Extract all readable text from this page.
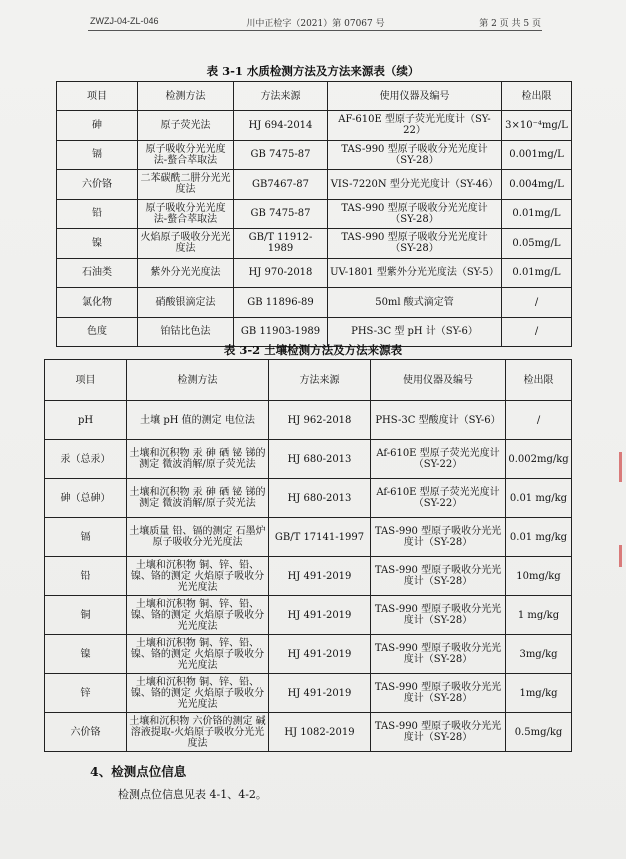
ZWZJ-04-ZL-046	川中正检字（2021）第 07067 号	第 2 页 共 5 页
表 3-1 水质检测方法及方法来源表（续）
项目	检测方法	方法来源	使用仪器及编号	检出限
砷	原子荧光法	HJ 694-2014	AF-610E 型原子荧光光度计（SY-22）	3×10⁻⁴mg/L
镉	原子吸收分光光度法-螯合萃取法	GB 7475-87	TAS-990 型原子吸收分光光度计（SY-28）	0.001mg/L
六价铬	二苯碳酰二肼分光光度法	GB7467-87	VIS-7220N 型分光光度计（SY-46）	0.004mg/L
铅	原子吸收分光光度法-螯合萃取法	GB 7475-87	TAS-990 型原子吸收分光光度计（SY-28）	0.01mg/L
镍	火焰原子吸收分光光度法	GB/T 11912-1989	TAS-990 型原子吸收分光光度计（SY-28）	0.05mg/L
石油类	紫外分光光度法	HJ 970-2018	UV-1801 型紫外分光光度法（SY-5）	0.01mg/L
氯化物	硝酸银滴定法	GB 11896-89	50ml 酸式滴定管	/
色度	铂钴比色法	GB 11903-1989	PHS-3C 型 pH 计（SY-6）	/
表 3-2 土壤检测方法及方法来源表
项目	检测方法	方法来源	使用仪器及编号	检出限
pH	土壤 pH 值的测定 电位法	HJ 962-2018	PHS-3C 型酸度计（SY-6）	/
汞（总汞）	土壤和沉积物 汞 砷 硒 铋 锑的测定 微波消解/原子荧光法	HJ 680-2013	Af-610E 型原子荧光光度计（SY-22）	0.002mg/kg
砷（总砷）	土壤和沉积物 汞 砷 硒 铋 锑的测定 微波消解/原子荧光法	HJ 680-2013	Af-610E 型原子荧光光度计（SY-22）	0.01 mg/kg
镉	土壤质量 铅、镉的测定 石墨炉原子吸收分光光度法	GB/T 17141-1997	TAS-990 型原子吸收分光光度计（SY-28）	0.01 mg/kg
铅	土壤和沉积物 铜、锌、铅、镍、铬的测定 火焰原子吸收分光光度法	HJ 491-2019	TAS-990 型原子吸收分光光度计（SY-28）	10mg/kg
铜	土壤和沉积物 铜、锌、铅、镍、铬的测定 火焰原子吸收分光光度法	HJ 491-2019	TAS-990 型原子吸收分光光度计（SY-28）	1 mg/kg
镍	土壤和沉积物 铜、锌、铅、镍、铬的测定 火焰原子吸收分光光度法	HJ 491-2019	TAS-990 型原子吸收分光光度计（SY-28）	3mg/kg
锌	土壤和沉积物 铜、锌、铅、镍、铬的测定 火焰原子吸收分光光度法	HJ 491-2019	TAS-990 型原子吸收分光光度计（SY-28）	1mg/kg
六价铬	土壤和沉积物 六价铬的测定 碱溶液提取-火焰原子吸收分光光度法	HJ 1082-2019	TAS-990 型原子吸收分光光度计（SY-28）	0.5mg/kg
4、检测点位信息
检测点位信息见表 4-1、4-2。
